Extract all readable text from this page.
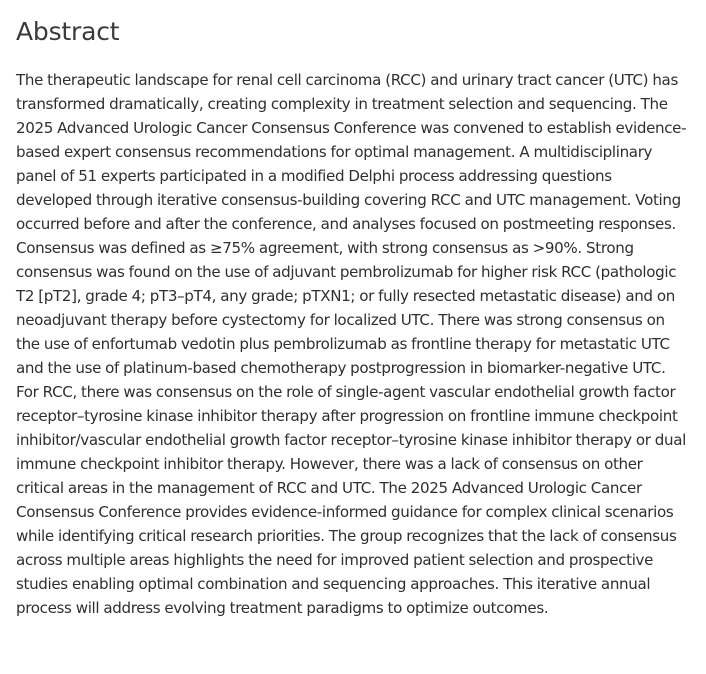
Abstract

The therapeutic landscape for renal cell carcinoma (RCC) and urinary tract cancer (UTC) has transformed dramatically, creating complexity in treatment selection and sequencing. The 2025 Advanced Urologic Cancer Consensus Conference was convened to establish evidence-based expert consensus recommendations for optimal management. A multidisciplinary panel of 51 experts participated in a modified Delphi process addressing questions developed through iterative consensus-building covering RCC and UTC management. Voting occurred before and after the conference, and analyses focused on postmeeting responses. Consensus was defined as ≥75% agreement, with strong consensus as >90%. Strong consensus was found on the use of adjuvant pembrolizumab for higher risk RCC (pathologic T2 [pT2], grade 4; pT3–pT4, any grade; pTXN1; or fully resected metastatic disease) and on neoadjuvant therapy before cystectomy for localized UTC. There was strong consensus on the use of enfortumab vedotin plus pembrolizumab as frontline therapy for metastatic UTC and the use of platinum-based chemotherapy postprogression in biomarker-negative UTC. For RCC, there was consensus on the role of single-agent vascular endothelial growth factor receptor–tyrosine kinase inhibitor therapy after progression on frontline immune checkpoint inhibitor/vascular endothelial growth factor receptor–tyrosine kinase inhibitor therapy or dual immune checkpoint inhibitor therapy. However, there was a lack of consensus on other critical areas in the management of RCC and UTC. The 2025 Advanced Urologic Cancer Consensus Conference provides evidence-informed guidance for complex clinical scenarios while identifying critical research priorities. The group recognizes that the lack of consensus across multiple areas highlights the need for improved patient selection and prospective studies enabling optimal combination and sequencing approaches. This iterative annual process will address evolving treatment paradigms to optimize outcomes.
